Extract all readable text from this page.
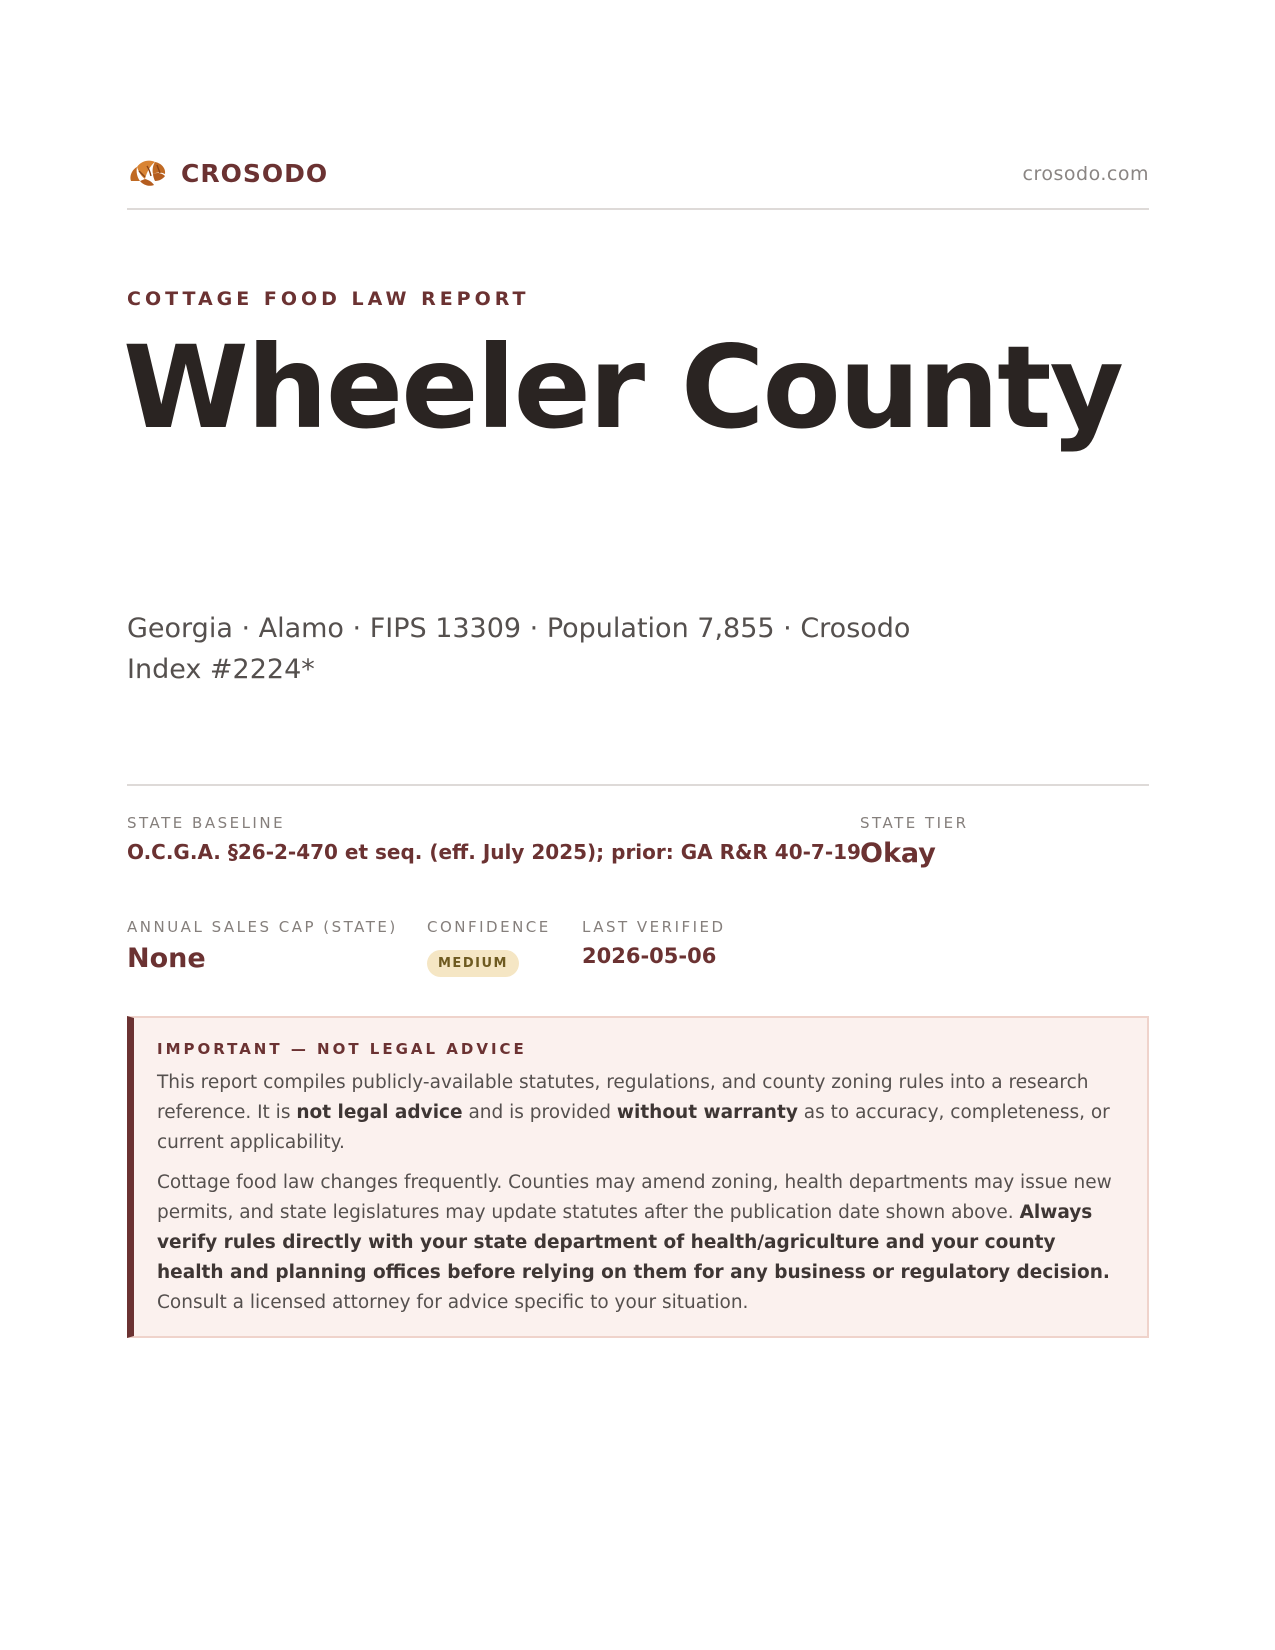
CROSODO	crosodo.com
COTTAGE FOOD LAW REPORT
Wheeler County
Georgia · Alamo · FIPS 13309 · Population 7,855 · Crosodo Index #2224*
STATE BASELINE
O.C.G.A. §26-2-470 et seq. (eff. July 2025); prior: GA R&R 40-7-19
STATE TIER
Okay
ANNUAL SALES CAP (STATE)
None
CONFIDENCE
MEDIUM
LAST VERIFIED
2026-05-06
IMPORTANT — NOT LEGAL ADVICE

This report compiles publicly-available statutes, regulations, and county zoning rules into a research reference. It is not legal advice and is provided without warranty as to accuracy, completeness, or current applicability.

Cottage food law changes frequently. Counties may amend zoning, health departments may issue new permits, and state legislatures may update statutes after the publication date shown above. Always verify rules directly with your state department of health/agriculture and your county health and planning offices before relying on them for any business or regulatory decision. Consult a licensed attorney for advice specific to your situation.
